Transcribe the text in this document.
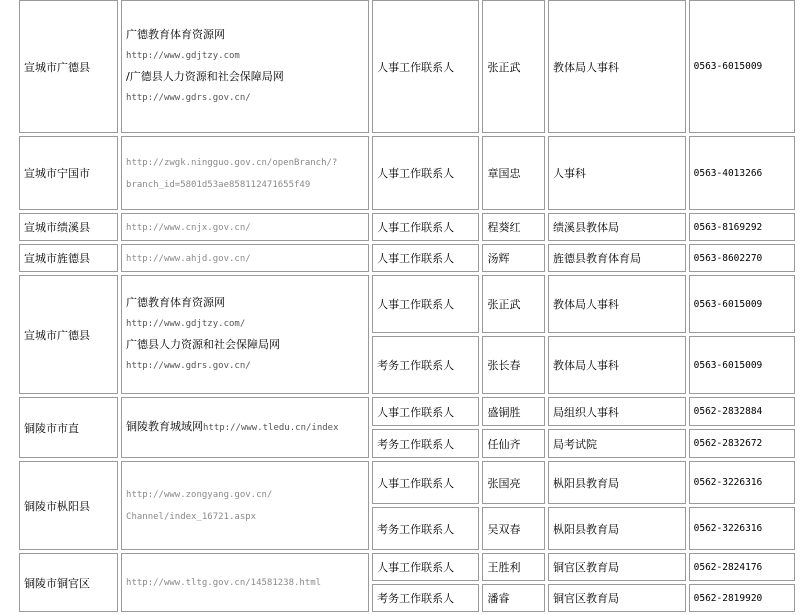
宣城市广德县	广德教育体育资源网
http://www.gdjtzy.com
/广德县人力资源和社会保障局网
http://www.gdrs.gov.cn/	人事工作联系人	张正武	教体局人事科	0563-6015009
宣城市宁国市	http://zwgk.ningguo.gov.cn/openBranch/?
branch_id=5801d53ae858112471655f49	人事工作联系人	章国忠	人事科	0563-4013266
宣城市绩溪县	http://www.cnjx.gov.cn/	人事工作联系人	程葵红	绩溪县教体局	0563-8169292
宣城市旌德县	http://www.ahjd.gov.cn/	人事工作联系人	汤辉	旌德县教育体育局	0563-8602270
宣城市广德县	广德教育体育资源网
http://www.gdjtzy.com/
广德县人力资源和社会保障局网
http://www.gdrs.gov.cn/	人事工作联系人	张正武	教体局人事科	0563-6015009
		考务工作联系人	张长春	教体局人事科	0563-6015009
铜陵市市直	铜陵教育城域网http://www.tledu.cn/index	人事工作联系人	盛铜胜	局组织人事科	0562-2832884
		考务工作联系人	任仙齐	局考试院	0562-2832672
铜陵市枞阳县	http://www.zongyang.gov.cn/
Channel/index_16721.aspx	人事工作联系人	张国亮	枞阳县教育局	0562-3226316
		考务工作联系人	吴双春	枞阳县教育局	0562-3226316
铜陵市铜官区	http://www.tltg.gov.cn/14581238.html	人事工作联系人	王胜利	铜官区教育局	0562-2824176
		考务工作联系人	潘睿	铜官区教育局	0562-2819920
